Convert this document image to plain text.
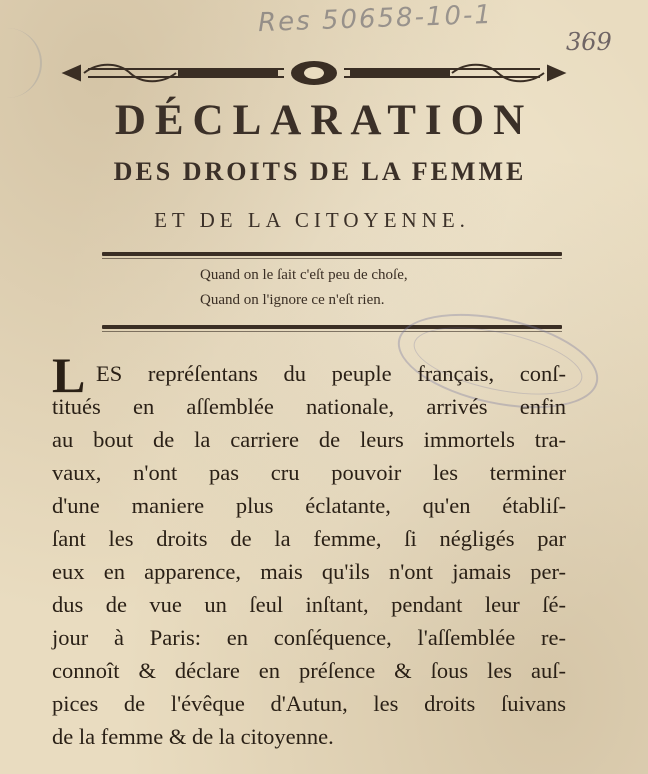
Res 50658-10-1
369
DÉCLARATION
DES DROITS DE LA FEMME
ET DE LA CITOYENNE.
Quand on le ſait c'eſt peu de choſe,
Quand on l'ignore ce n'eſt rien.
L ES repréſentans du peuple français, conſ-
titués en aſſemblée nationale, arrivés enfin
au bout de la carriere de leurs immortels tra-
vaux, n'ont pas cru pouvoir les terminer
d'une maniere plus éclatante, qu'en établiſ-
ſant les droits de la femme, ſi négligés par
eux en apparence, mais qu'ils n'ont jamais per-
dus de vue un ſeul inſtant, pendant leur ſé-
jour à Paris: en conſéquence, l'aſſemblée re-
connoît & déclare en préſence & ſous les auſ-
pices de l'évêque d'Autun, les droits ſuivans
de la femme & de la citoyenne.
